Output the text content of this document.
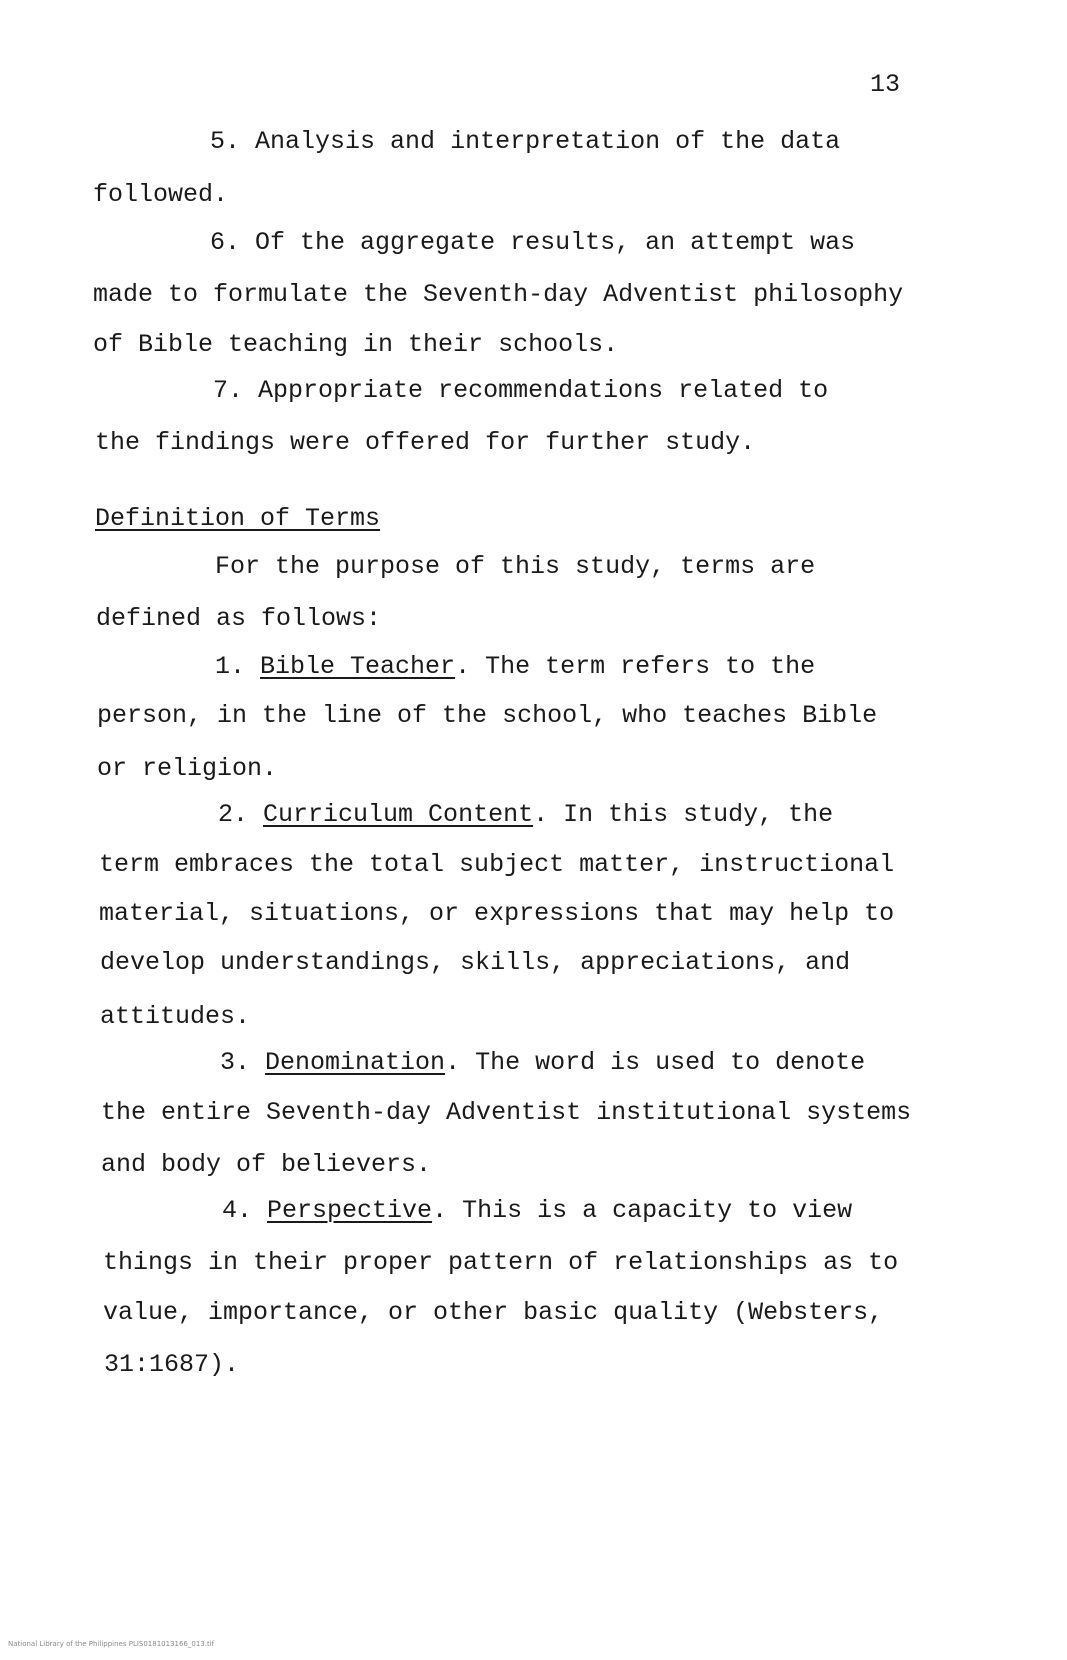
13
5. Analysis and interpretation of the data
followed.
6. Of the aggregate results, an attempt was
made to formulate the Seventh-day Adventist philosophy
of Bible teaching in their schools.
7. Appropriate recommendations related to
the findings were offered for further study.
Definition of Terms
For the purpose of this study, terms are
defined as follows:
1. Bible Teacher. The term refers to the
person, in the line of the school, who teaches Bible
or religion.
2. Curriculum Content. In this study, the
term embraces the total subject matter, instructional
material, situations, or expressions that may help to
develop understandings, skills, appreciations, and
attitudes.
3. Denomination. The word is used to denote
the entire Seventh-day Adventist institutional systems
and body of believers.
4. Perspective. This is a capacity to view
things in their proper pattern of relationships as to
value, importance, or other basic quality (Websters,
31:1687).
National Library of the Philippines PLIS0181013166_013.tif
